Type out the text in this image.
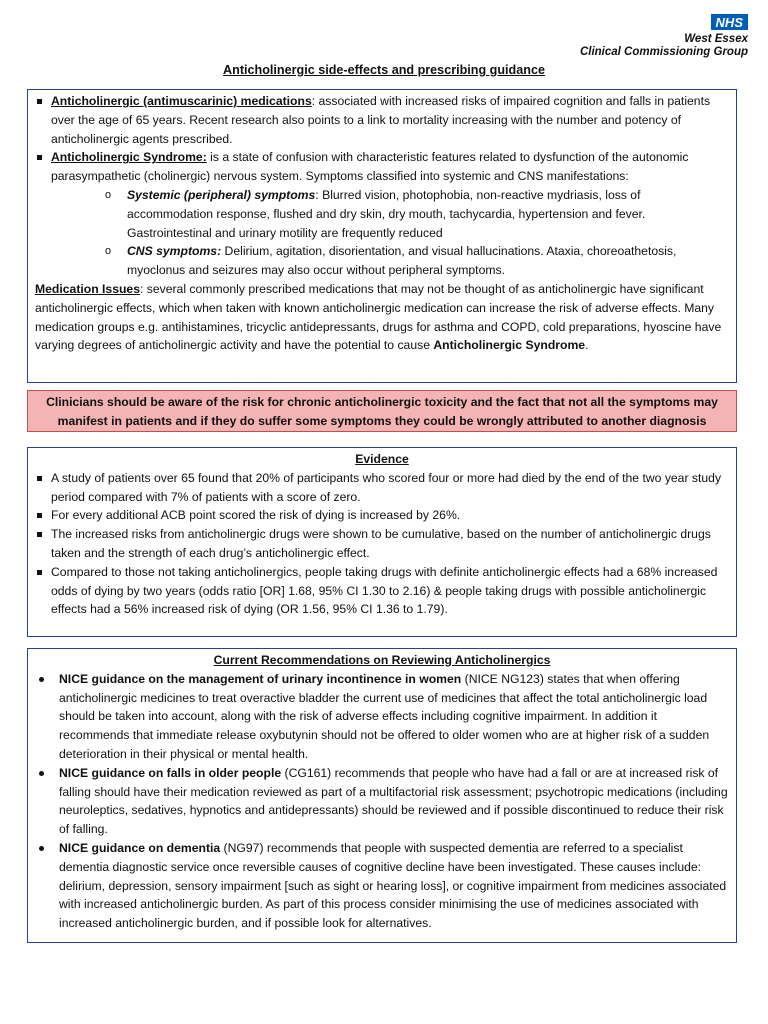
NHS
West Essex
Clinical Commissioning Group
Anticholinergic side-effects and prescribing guidance
Anticholinergic (antimuscarinic) medications: associated with increased risks of impaired cognition and falls in patients over the age of 65 years. Recent research also points to a link to mortality increasing with the number and potency of anticholinergic agents prescribed.
Anticholinergic Syndrome: is a state of confusion with characteristic features related to dysfunction of the autonomic parasympathetic (cholinergic) nervous system. Symptoms classified into systemic and CNS manifestations:
o Systemic (peripheral) symptoms: Blurred vision, photophobia, non-reactive mydriasis, loss of accommodation response, flushed and dry skin, dry mouth, tachycardia, hypertension and fever. Gastrointestinal and urinary motility are frequently reduced
o CNS symptoms: Delirium, agitation, disorientation, and visual hallucinations. Ataxia, choreoathetosis, myoclonus and seizures may also occur without peripheral symptoms.

Medication Issues: several commonly prescribed medications that may not be thought of as anticholinergic have significant anticholinergic effects, which when taken with known anticholinergic medication can increase the risk of adverse effects. Many medication groups e.g. antihistamines, tricyclic antidepressants, drugs for asthma and COPD, cold preparations, hyoscine have varying degrees of anticholinergic activity and have the potential to cause Anticholinergic Syndrome.

Clinicians should be aware of the risk for chronic anticholinergic toxicity and the fact that not all the symptoms may manifest in patients and if they do suffer some symptoms they could be wrongly attributed to another diagnosis
Evidence
A study of patients over 65 found that 20% of participants who scored four or more had died by the end of the two year study period compared with 7% of patients with a score of zero.
For every additional ACB point scored the risk of dying is increased by 26%.
The increased risks from anticholinergic drugs were shown to be cumulative, based on the number of anticholinergic drugs taken and the strength of each drug’s anticholinergic effect.
Compared to those not taking anticholinergics, people taking drugs with definite anticholinergic effects had a 68% increased odds of dying by two years (odds ratio [OR] 1.68, 95% CI 1.30 to 2.16) & people taking drugs with possible anticholinergic effects had a 56% increased risk of dying (OR 1.56, 95% CI 1.36 to 1.79).
Current Recommendations on Reviewing Anticholinergics
NICE guidance on the management of urinary incontinence in women (NICE NG123) states that when offering anticholinergic medicines to treat overactive bladder the current use of medicines that affect the total anticholinergic load should be taken into account, along with the risk of adverse effects including cognitive impairment. In addition it recommends that immediate release oxybutynin should not be offered to older women who are at higher risk of a sudden deterioration in their physical or mental health.
NICE guidance on falls in older people (CG161) recommends that people who have had a fall or are at increased risk of falling should have their medication reviewed as part of a multifactorial risk assessment; psychotropic medications (including neuroleptics, sedatives, hypnotics and antidepressants) should be reviewed and if possible discontinued to reduce their risk of falling.
NICE guidance on dementia (NG97) recommends that people with suspected dementia are referred to a specialist dementia diagnostic service once reversible causes of cognitive decline have been investigated. These causes include: delirium, depression, sensory impairment [such as sight or hearing loss], or cognitive impairment from medicines associated with increased anticholinergic burden. As part of this process consider minimising the use of medicines associated with increased anticholinergic burden, and if possible look for alternatives.
